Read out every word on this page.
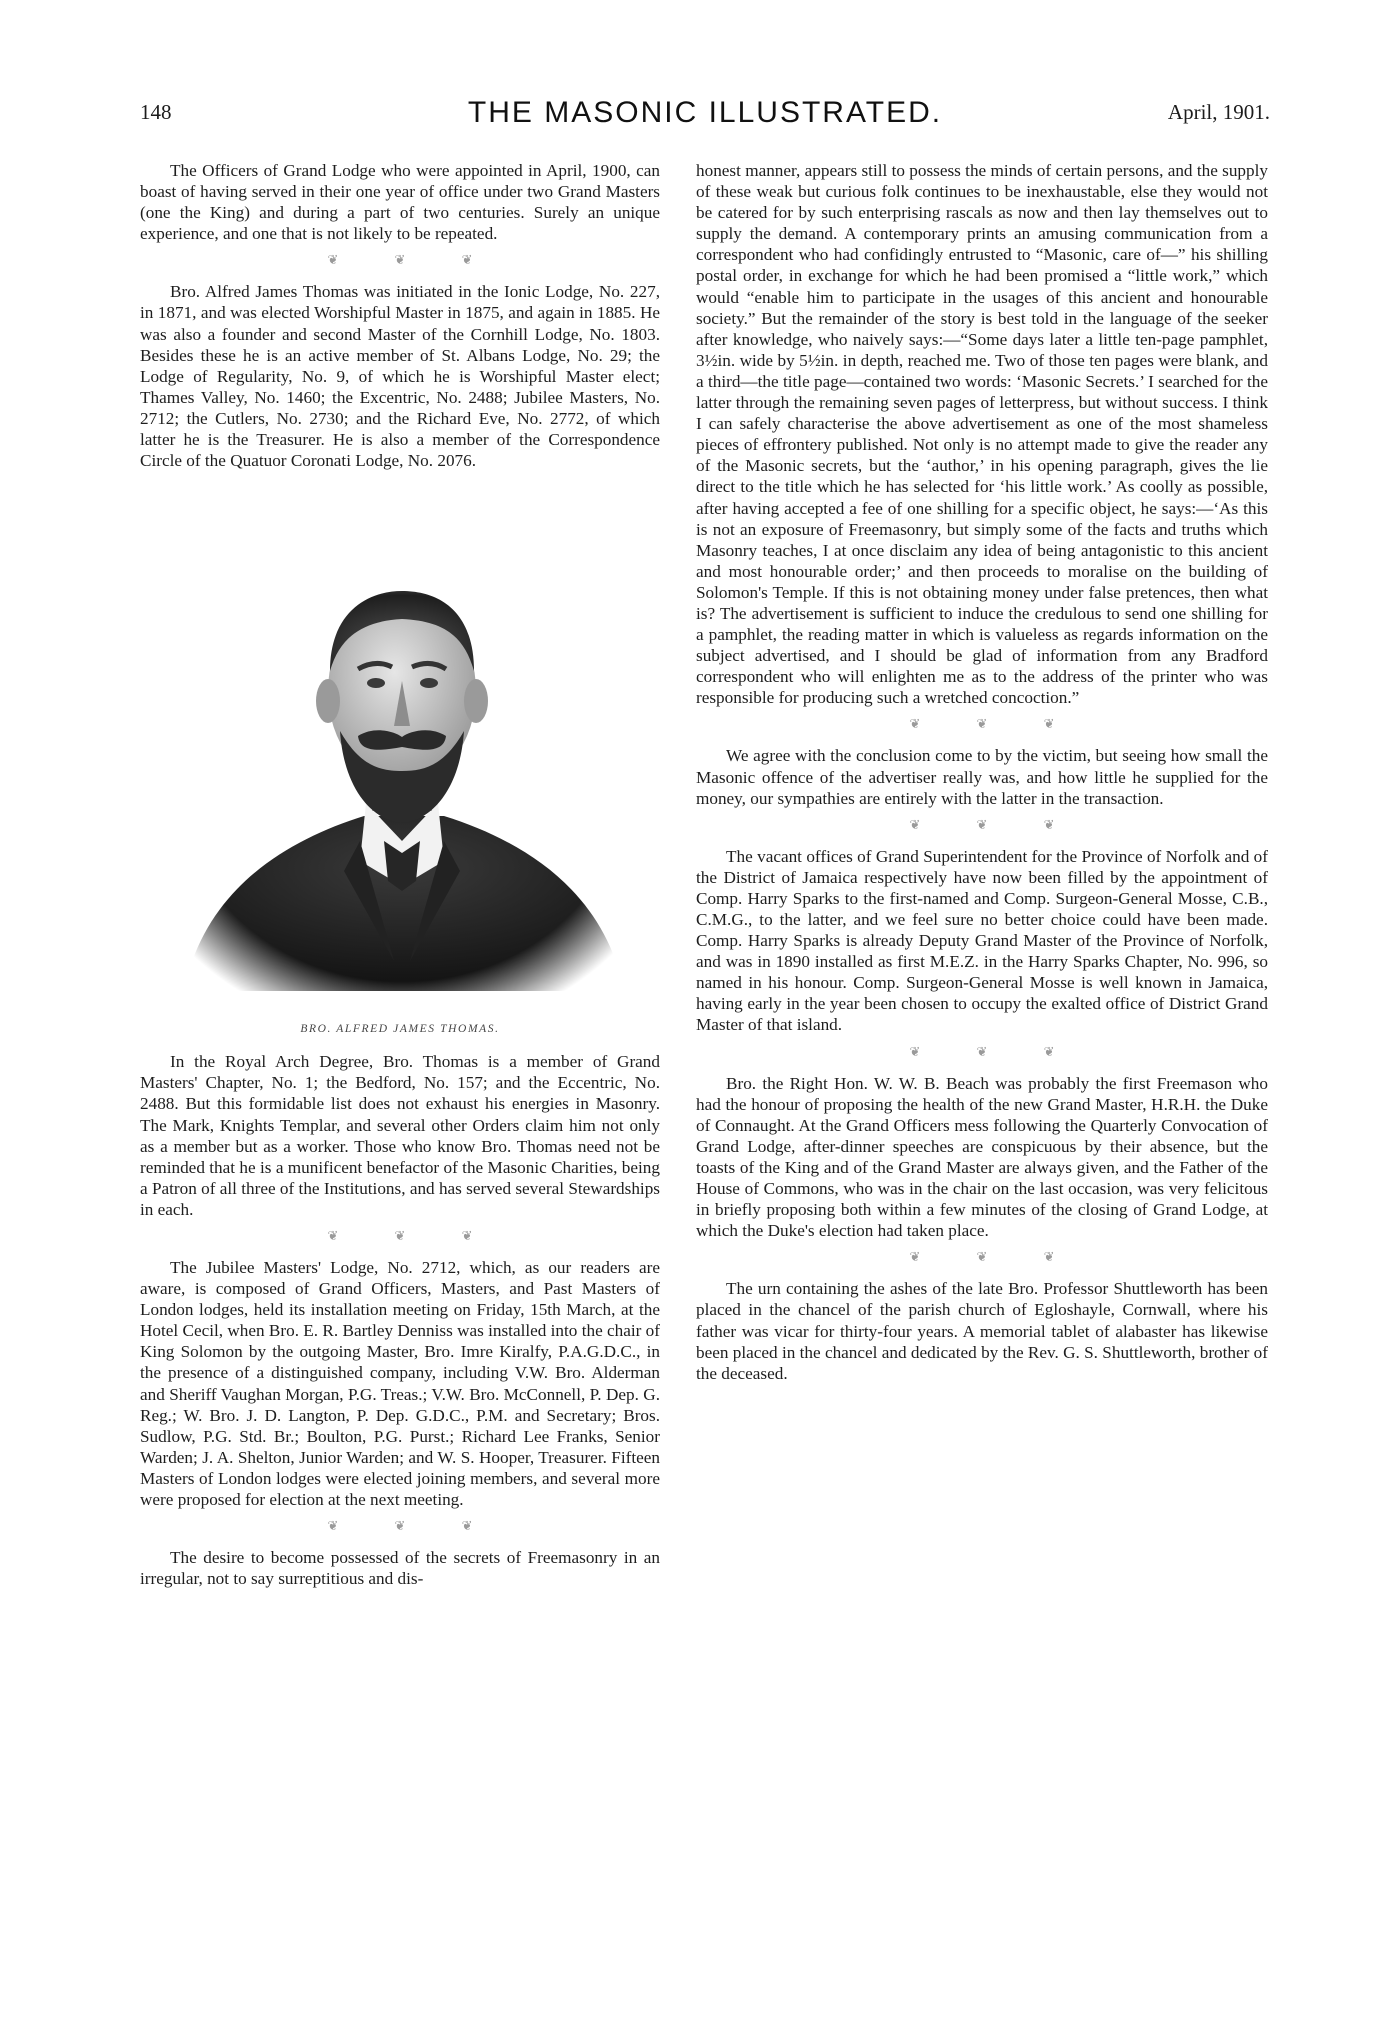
148	THE MASONIC ILLUSTRATED.	April, 1901.

The Officers of Grand Lodge who were appointed in April, 1900, can boast of having served in their one year of office under two Grand Masters (one the King) and during a part of two centuries. Surely an unique experience, and one that is not likely to be repeated.

❦ ❦ ❦

Bro. Alfred James Thomas was initiated in the Ionic Lodge, No. 227, in 1871, and was elected Worshipful Master in 1875, and again in 1885. He was also a founder and second Master of the Cornhill Lodge, No. 1803. Besides these he is an active member of St. Albans Lodge, No. 29; the Lodge of Regularity, No. 9, of which he is Worshipful Master elect; Thames Valley, No. 1460; the Excentric, No. 2488; Jubilee Masters, No. 2712; the Cutlers, No. 2730; and the Richard Eve, No. 2772, of which latter he is the Treasurer. He is also a member of the Correspondence Circle of the Quatuor Coronati Lodge, No. 2076.

BRO. ALFRED JAMES THOMAS.

In the Royal Arch Degree, Bro. Thomas is a member of Grand Masters' Chapter, No. 1; the Bedford, No. 157; and the Eccentric, No. 2488. But this formidable list does not exhaust his energies in Masonry. The Mark, Knights Templar, and several other Orders claim him not only as a member but as a worker. Those who know Bro. Thomas need not be reminded that he is a munificent benefactor of the Masonic Charities, being a Patron of all three of the Institutions, and has served several Stewardships in each.

❦ ❦ ❦

The Jubilee Masters' Lodge, No. 2712, which, as our readers are aware, is composed of Grand Officers, Masters, and Past Masters of London lodges, held its installation meeting on Friday, 15th March, at the Hotel Cecil, when Bro. E. R. Bartley Denniss was installed into the chair of King Solomon by the outgoing Master, Bro. Imre Kiralfy, P.A.G.D.C., in the presence of a distinguished company, including V.W. Bro. Alderman and Sheriff Vaughan Morgan, P.G. Treas.; V.W. Bro. McConnell, P. Dep. G. Reg.; W. Bro. J. D. Langton, P. Dep. G.D.C., P.M. and Secretary; Bros. Sudlow, P.G. Std. Br.; Boulton, P.G. Purst.; Richard Lee Franks, Senior Warden; J. A. Shelton, Junior Warden; and W. S. Hooper, Treasurer. Fifteen Masters of London lodges were elected joining members, and several more were proposed for election at the next meeting.

❦ ❦ ❦

The desire to become possessed of the secrets of Freemasonry in an irregular, not to say surreptitious and dis-

honest manner, appears still to possess the minds of certain persons, and the supply of these weak but curious folk continues to be inexhaustable, else they would not be catered for by such enterprising rascals as now and then lay themselves out to supply the demand. A contemporary prints an amusing communication from a correspondent who had confidingly entrusted to “Masonic, care of—” his shilling postal order, in exchange for which he had been promised a “little work,” which would “enable him to participate in the usages of this ancient and honourable society.” But the remainder of the story is best told in the language of the seeker after knowledge, who naively says:—“Some days later a little ten-page pamphlet, 3½in. wide by 5½in. in depth, reached me. Two of those ten pages were blank, and a third—the title page—contained two words: ‘Masonic Secrets.’ I searched for the latter through the remaining seven pages of letterpress, but without success. I think I can safely characterise the above advertisement as one of the most shameless pieces of effrontery published. Not only is no attempt made to give the reader any of the Masonic secrets, but the ‘author,’ in his opening paragraph, gives the lie direct to the title which he has selected for ‘his little work.’ As coolly as possible, after having accepted a fee of one shilling for a specific object, he says:—‘As this is not an exposure of Freemasonry, but simply some of the facts and truths which Masonry teaches, I at once disclaim any idea of being antagonistic to this ancient and most honourable order;’ and then proceeds to moralise on the building of Solomon's Temple. If this is not obtaining money under false pretences, then what is? The advertisement is sufficient to induce the credulous to send one shilling for a pamphlet, the reading matter in which is valueless as regards information on the subject advertised, and I should be glad of information from any Bradford correspondent who will enlighten me as to the address of the printer who was responsible for producing such a wretched concoction.”

❦ ❦ ❦

We agree with the conclusion come to by the victim, but seeing how small the Masonic offence of the advertiser really was, and how little he supplied for the money, our sympathies are entirely with the latter in the transaction.

❦ ❦ ❦

The vacant offices of Grand Superintendent for the Province of Norfolk and of the District of Jamaica respectively have now been filled by the appointment of Comp. Harry Sparks to the first-named and Comp. Surgeon-General Mosse, C.B., C.M.G., to the latter, and we feel sure no better choice could have been made. Comp. Harry Sparks is already Deputy Grand Master of the Province of Norfolk, and was in 1890 installed as first M.E.Z. in the Harry Sparks Chapter, No. 996, so named in his honour. Comp. Surgeon-General Mosse is well known in Jamaica, having early in the year been chosen to occupy the exalted office of District Grand Master of that island.

❦ ❦ ❦

Bro. the Right Hon. W. W. B. Beach was probably the first Freemason who had the honour of proposing the health of the new Grand Master, H.R.H. the Duke of Connaught. At the Grand Officers mess following the Quarterly Convocation of Grand Lodge, after-dinner speeches are conspicuous by their absence, but the toasts of the King and of the Grand Master are always given, and the Father of the House of Commons, who was in the chair on the last occasion, was very felicitous in briefly proposing both within a few minutes of the closing of Grand Lodge, at which the Duke's election had taken place.

❦ ❦ ❦

The urn containing the ashes of the late Bro. Professor Shuttleworth has been placed in the chancel of the parish church of Egloshayle, Cornwall, where his father was vicar for thirty-four years. A memorial tablet of alabaster has likewise been placed in the chancel and dedicated by the Rev. G. S. Shuttleworth, brother of the deceased.
